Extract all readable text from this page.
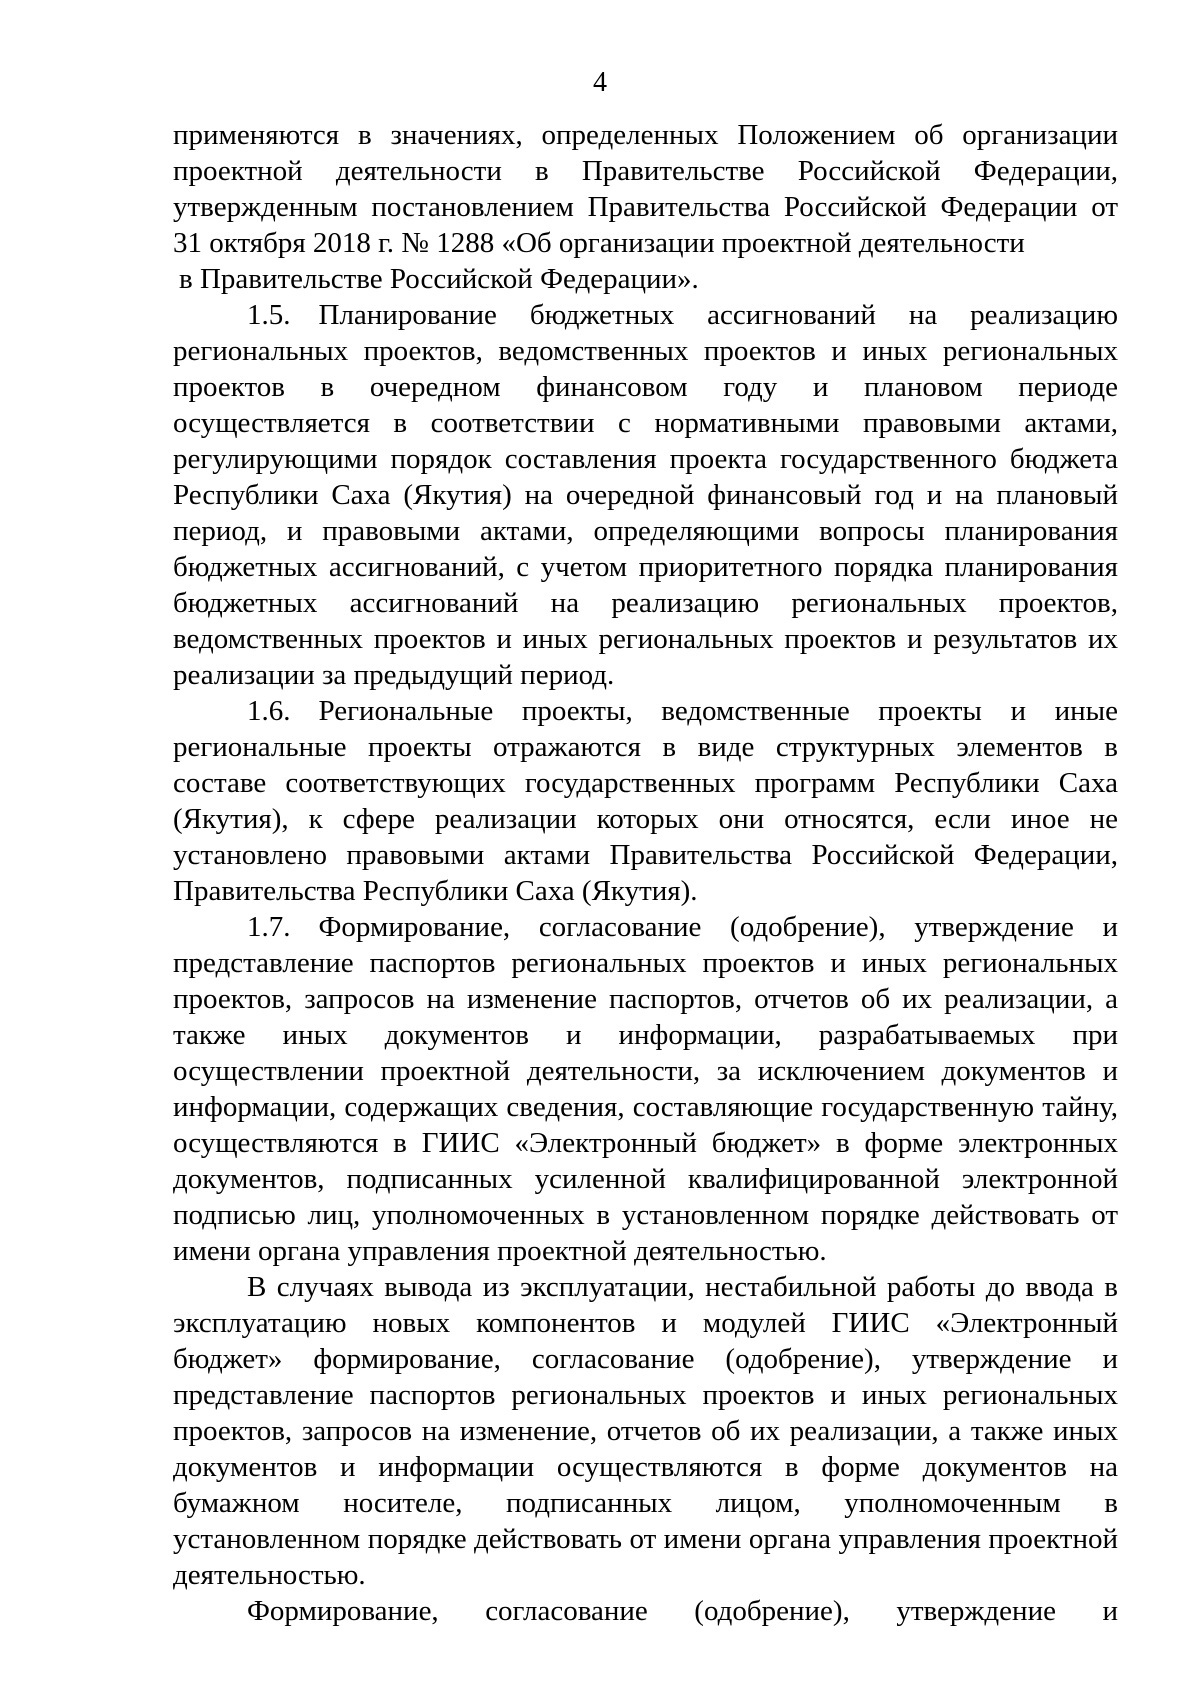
4

применяются в значениях, определенных Положением об организации проектной деятельности в Правительстве Российской Федерации, утвержденным постановлением Правительства Российской Федерации от 31 октября 2018 г. № 1288 «Об организации проектной деятельности

в Правительстве Российской Федерации».

1.5. Планирование бюджетных ассигнований на реализацию региональных проектов, ведомственных проектов и иных региональных проектов в очередном финансовом году и плановом периоде осуществляется в соответствии с нормативными правовыми актами, регулирующими порядок составления проекта государственного бюджета Республики Саха (Якутия) на очередной финансовый год и на плановый период, и правовыми актами, определяющими вопросы планирования бюджетных ассигнований, с учетом приоритетного порядка планирования бюджетных ассигнований на реализацию региональных проектов, ведомственных проектов и иных региональных проектов и результатов их реализации за предыдущий период.

1.6. Региональные проекты, ведомственные проекты и иные региональные проекты отражаются в виде структурных элементов в составе соответствующих государственных программ Республики Саха (Якутия), к сфере реализации которых они относятся, если иное не установлено правовыми актами Правительства Российской Федерации, Правительства Республики Саха (Якутия).

1.7. Формирование, согласование (одобрение), утверждение и представление паспортов региональных проектов и иных региональных проектов, запросов на изменение паспортов, отчетов об их реализации, а также иных документов и информации, разрабатываемых при осуществлении проектной деятельности, за исключением документов и информации, содержащих сведения, составляющие государственную тайну, осуществляются в ГИИС «Электронный бюджет» в форме электронных документов, подписанных усиленной квалифицированной электронной подписью лиц, уполномоченных в установленном порядке действовать от имени органа управления проектной деятельностью.

В случаях вывода из эксплуатации, нестабильной работы до ввода в эксплуатацию новых компонентов и модулей ГИИС «Электронный бюджет» формирование, согласование (одобрение), утверждение и представление паспортов региональных проектов и иных региональных проектов, запросов на изменение, отчетов об их реализации, а также иных документов и информации осуществляются в форме документов на бумажном носителе, подписанных лицом, уполномоченным в установленном порядке действовать от имени органа управления проектной деятельностью.

Формирование, согласование (одобрение), утверждение и
